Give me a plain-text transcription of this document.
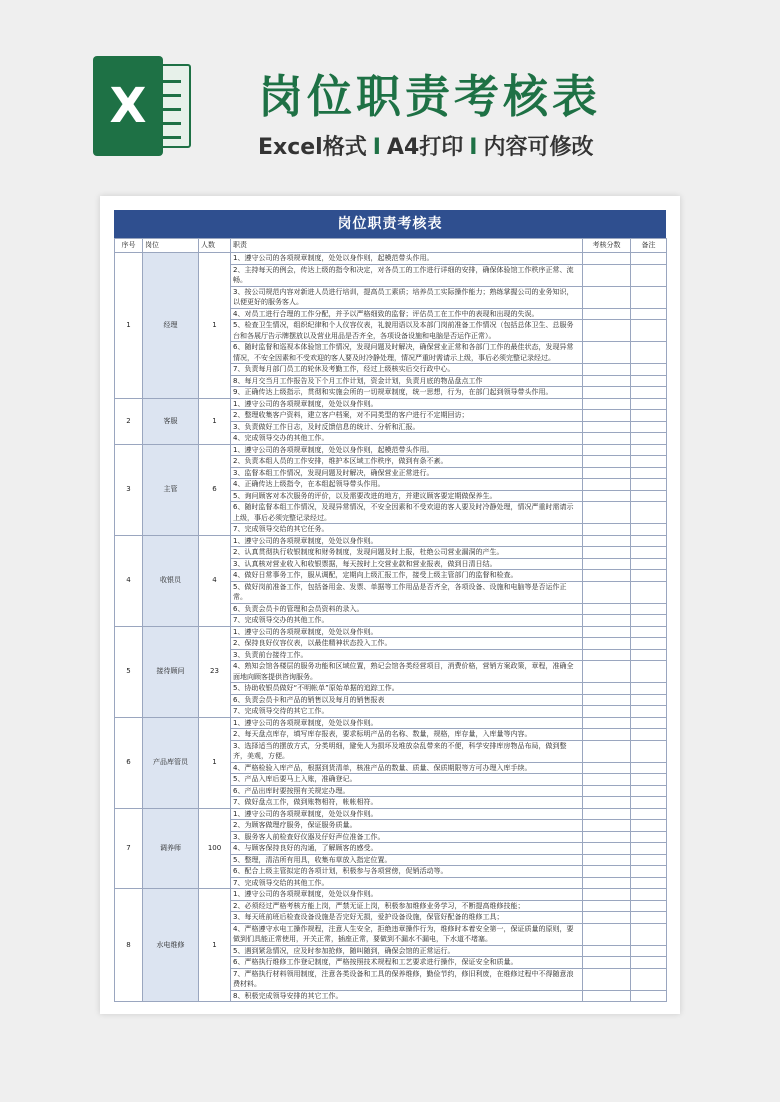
X	岗位职责考核表
Excel格式 I A4打印 I 内容可修改
岗位职责考核表
序号	岗位	人数	职责	考核分数	备注
1	经理	1	1、遵守公司的各项规章制度，处处以身作则，起模范带头作用。		
			2、主持每天的例会，传达上级的指令和决定，对各员工的工作进行详细的安排，确保体验馆工作秩序正常、流畅。		
			3、按公司规范内容对新进人员进行培训，提高员工素质；培养员工实际操作能力；熟练掌握公司的业务知识，以便更好的服务客人。		
			4、对员工进行合理的工作分配，并予以严格细致的监督；评估员工在工作中的表现和出现的失误。		
			5、检查卫生情况，组织纪律和个人仪容仪表，礼貌用语以及本部门岗前准备工作情况（包括总体卫生、总服务台和各展厅告示牌摆放以及营业用品是否齐全，各项设备设施和电脑是否运作正常）。		
			6、随时监督和巡视本体验馆工作情况，发现问题及时解决，确保营业正常和各部门工作的最佳状态，发现异常情况，不安全因素和不受欢迎的客人要及时冷静处理，情况严重时需请示上级，事后必须完整记录经过。		
			7、负责每月部门员工的轮休及考勤工作，经过上级核实后交行政中心。		
			8、每月交当月工作报告及下个月工作计划，资金计划，负责月底的物品盘点工作		
			9、正确传达上级指示，贯彻和实施会所的一切规章制度，统一思想，行为，在部门起到领导带头作用。		
2	客服	1	1、遵守公司的各项规章制度，处处以身作则。		
			2、整理收集客户资料，建立客户档案，对不同类型的客户进行不定期回访；		
			3、负责做好工作日志，及时反馈信息的统计、分析和汇报。		
			4、完成领导交办的其他工作。		
3	主管	6	1、遵守公司的各项规章制度，处处以身作则，起模范带头作用。		
			2、负责本组人员的工作安排，维护本区域工作秩序，做到有条不紊。		
			3、监督本组工作情况，发现问题及时解决，确保营业正常进行。		
			4、正确传达上级指令，在本组起领导带头作用。		
			5、询问顾客对本次服务的评价，以及需要改进的地方，并建议顾客要定期做保养生。		
			6、随时监督本组工作情况，及现异常情况，不安全因素和不受欢迎的客人要及时冷静处理，情况严重时需请示上级，事后必须完整记录经过。		
			7、完成领导交给的其它任务。		
4	收银员	4	1、遵守公司的各项规章制度，处处以身作则。		
			2、认真贯彻执行收银制度和财务制度，发现问题及时上报，杜绝公司营业漏洞的产生。		
			3、认真核对营业收入和收银票据，每天按时上交营业款和营业报表，做到日清日结。		
			4、做好日常事务工作，服从调配，定期向上级汇报工作，接受上级主管部门的监督和检查。		
			5、做好岗前准备工作，包括备用金、发票、单据等工作用品是否齐全，各项设备、设施和电脑等是否运作正常。		
			6、负责会员卡的管理和会员资料的录入。		
			7、完成领导交办的其他工作。		
5	接待顾问	23	1、遵守公司的各项规章制度，处处以身作则。		
			2、保持良好仪容仪表，以最佳精神状态投入工作。		
			3、负责前台接待工作。		
			4、熟知会馆各楼层的服务功能和区域位置，熟记会馆各类经营项目，消费价格，营销方案政策，章程，准确全面地向顾客提供咨询服务。		
			5、协助收银员做好“不明帐单”原始单据的追踪工作。		
			6、负责会员卡和产品的销售以及每月的销售报表		
			7、完成领导交待的其它工作。		
6	产品库管员	1	1、遵守公司的各项规章制度，处处以身作则。		
			2、每天盘点库存，填写库存报表，要求标明产品的名称、数量，规格，库存量，入库量等内容。		
			3、选择适当的摆放方式，分类明细，避免人为损坏及堆放杂乱带来的不便，科学安排库房物品布局，做到整齐，美观，方便。		
			4、严格检验入库产品，根据到货清单，核准产品的数量、质量、保质期限等方可办理入库手续。		
			5、产品入库后要马上入账，准确登记。		
			6、产品出库时要按照有关规定办理。		
			7、做好盘点工作，做到账物相符，帐帐相符。		
7	调养师	100	1、遵守公司的各项规章制度，处处以身作则。		
			2、为顾客做理疗服务，保证服务质量。		
			3、服务客人前检查好仪器及仔好声位准备工作。		
			4、与顾客保持良好的沟通，了解顾客的感受。		
			5、整理，清洁所有用具，收集布草放入指定位置。		
			6、配合上级主管拟定的各项计划，积极参与各项营傍，促销活动等。		
			7、完成领导交给的其他工作。		
8	水电维修	1	1、遵守公司的各项规章制度，处处以身作则。		
			2、必须经过严格考核方能上岗，严禁无证上岗，积极参加维修业务学习，不断提高维修技能；		
			3、每天班前班后检查设备设施是否完好无损，爱护设备设施，保管好配备的维修工具；		
			4、严格遵守水电工操作规程，注意人生安全，拒绝违章操作行为，维修时本着安全第一，保证质量的原则，要做到们具能正常使用，开关正常，插座正常，要做到不漏水不漏电，下水道不堵塞。		
			5、遇到紧急情况，应及时参加抢修，随叫随到，确保会馆的正常运行。		
			6、严格执行维修工作登记制度，严格按照技术规程和工艺要求进行操作，保证安全和质量。		
			7、严格执行材料领用制度，注意各类设备和工具的保养维修，勤俭节约，修旧利废，在维修过程中不得随意浪费材料。		
			8、积极完成领导安排的其它工作。		
